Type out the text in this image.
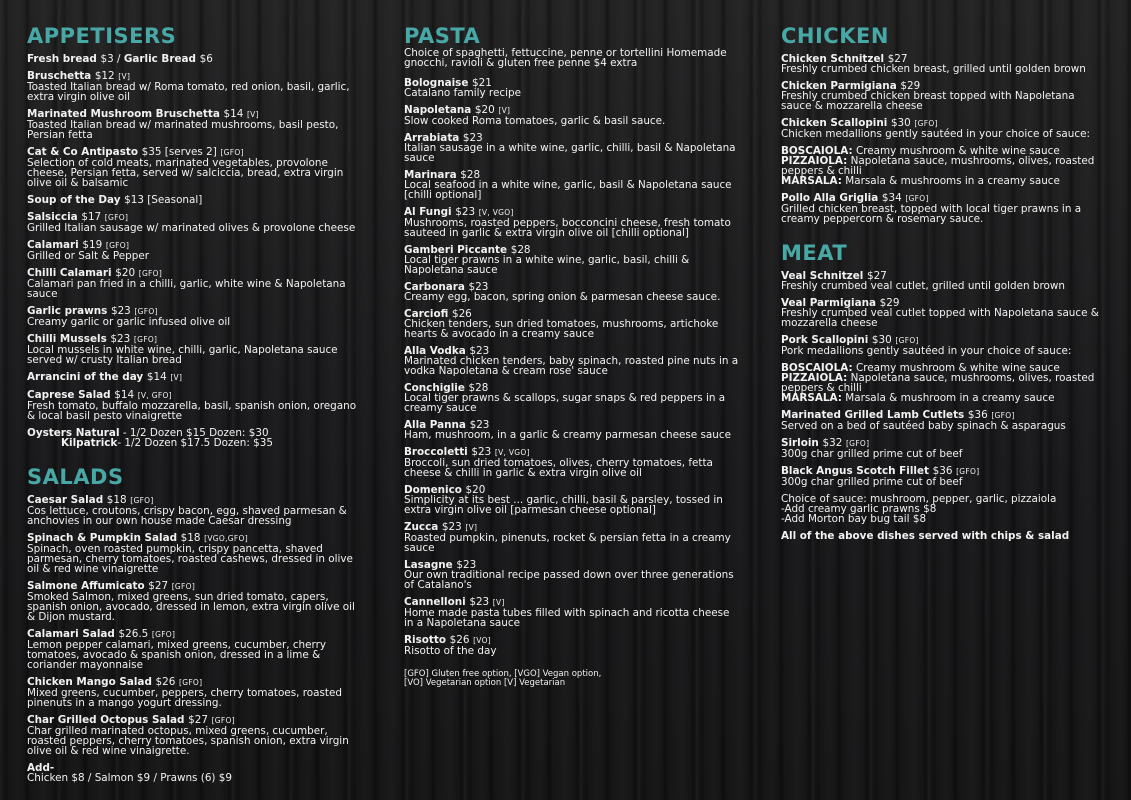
APPETISERS
Fresh bread $3 / Garlic Bread $6
Bruschetta $12 [V]
Toasted Italian bread w/ Roma tomato, red onion, basil, garlic, extra virgin olive oil
Marinated Mushroom Bruschetta $14 [V]
Toasted Italian bread w/ marinated mushrooms, basil pesto, Persian fetta
Cat & Co Antipasto $35 [serves 2] [GFO]
Selection of cold meats, marinated vegetables, provolone cheese, Persian fetta, served w/ salciccia, bread, extra virgin olive oil & balsamic
Soup of the Day $13 [Seasonal]
Salsiccia $17 [GFO]
Grilled Italian sausage w/ marinated olives & provolone cheese
Calamari $19 [GFO]
Grilled or Salt & Pepper
Chilli Calamari $20 [GFO]
Calamari pan fried in a chilli, garlic, white wine & Napoletana sauce
Garlic prawns $23 [GFO]
Creamy garlic or garlic infused olive oil
Chilli Mussels $23 [GFO]
Local mussels in white wine, chilli, garlic, Napoletana sauce served w/ crusty Italian bread
Arrancini of the day $14 [V]
Caprese Salad $14 [V, GFO]
Fresh tomato, buffalo mozzarella, basil, spanish onion, oregano & local basil pesto vinaigrette
Oysters Natural - 1/2 Dozen $15 Dozen: $30
Kilpatrick- 1/2 Dozen $17.5 Dozen: $35
SALADS
Caesar Salad $18 [GFO]
Cos lettuce, croutons, crispy bacon, egg, shaved parmesan & anchovies in our own house made Caesar dressing
Spinach & Pumpkin Salad $18 [VGO,GFO]
Spinach, oven roasted pumpkin, crispy pancetta, shaved parmesan, cherry tomatoes, roasted cashews, dressed in olive oil & red wine vinaigrette
Salmone Affumicato $27 [GFO]
Smoked Salmon, mixed greens, sun dried tomato, capers, spanish onion, avocado, dressed in lemon, extra virgin olive oil & Dijon mustard.
Calamari Salad $26.5 [GFO]
Lemon pepper calamari, mixed greens, cucumber, cherry tomatoes, avocado & spanish onion, dressed in a lime & coriander mayonnaise
Chicken Mango Salad $26 [GFO]
Mixed greens, cucumber, peppers, cherry tomatoes, roasted pinenuts in a mango yogurt dressing.
Char Grilled Octopus Salad $27 [GFO]
Char grilled marinated octopus, mixed greens, cucumber, roasted peppers, cherry tomatoes, spanish onion, extra virgin olive oil & red wine vinaigrette.
Add-
Chicken $8 / Salmon $9 / Prawns (6) $9
PASTA
Choice of spaghetti, fettuccine, penne or tortellini Homemade gnocchi, ravioli & gluten free penne $4 extra
Bolognaise $21
Catalano family recipe
Napoletana $20 [V]
Slow cooked Roma tomatoes, garlic & basil sauce.
Arrabiata $23
Italian sausage in a white wine, garlic, chilli, basil & Napoletana sauce
Marinara $28
Local seafood in a white wine, garlic, basil & Napoletana sauce [chilli optional]
Al Fungi $23 [V, VGO]
Mushrooms, roasted peppers, bocconcini cheese, fresh tomato sauteed in garlic & extra virgin olive oil [chilli optional]
Gamberi Piccante $28
Local tiger prawns in a white wine, garlic, basil, chilli & Napoletana sauce
Carbonara $23
Creamy egg, bacon, spring onion & parmesan cheese sauce.
Carciofi $26
Chicken tenders, sun dried tomatoes, mushrooms, artichoke hearts & avocado in a creamy sauce
Alla Vodka $23
Marinated chicken tenders, baby spinach, roasted pine nuts in a vodka Napoletana & cream rose' sauce
Conchiglie $28
Local tiger prawns & scallops, sugar snaps & red peppers in a creamy sauce
Alla Panna $23
Ham, mushroom, in a garlic & creamy parmesan cheese sauce
Broccoletti $23 [V, VGO]
Broccoli, sun dried tomatoes, olives, cherry tomatoes, fetta cheese & chilli in garlic & extra virgin olive oil
Domenico $20
Simplicity at its best ... garlic, chilli, basil & parsley, tossed in extra virgin olive oil [parmesan cheese optional]
Zucca $23 [V]
Roasted pumpkin, pinenuts, rocket & persian fetta in a creamy sauce
Lasagne $23
Our own traditional recipe passed down over three generations of Catalano's
Cannelloni $23 [V]
Home made pasta tubes filled with spinach and ricotta cheese in a Napoletana sauce
Risotto $26 [VO]
Risotto of the day
[GFO] Gluten free option, [VGO] Vegan option,
[VO] Vegetarian option [V] Vegetarian
CHICKEN
Chicken Schnitzel $27
Freshly crumbed chicken breast, grilled until golden brown
Chicken Parmigiana $29
Freshly crumbed chicken breast topped with Napoletana sauce & mozzarella cheese
Chicken Scallopini $30 [GFO]
Chicken medallions gently sautéed in your choice of sauce:
BOSCAIOLA: Creamy mushroom & white wine sauce
PIZZAIOLA: Napoletana sauce, mushrooms, olives, roasted peppers & chilli
MARSALA: Marsala & mushrooms in a creamy sauce
Pollo Alla Griglia $34 [GFO]
Grilled chicken breast, topped with local tiger prawns in a creamy peppercorn & rosemary sauce.
MEAT
Veal Schnitzel $27
Freshly crumbed veal cutlet, grilled until golden brown
Veal Parmigiana $29
Freshly crumbed veal cutlet topped with Napoletana sauce & mozzarella cheese
Pork Scallopini $30 [GFO]
Pork medallions gently sautéed in your choice of sauce:
BOSCAIOLA: Creamy mushroom & white wine sauce
PIZZAIOLA: Napoletana sauce, mushrooms, olives, roasted peppers & chilli
MARSALA: Marsala & mushroom in a creamy sauce
Marinated Grilled Lamb Cutlets $36 [GFO]
Served on a bed of sautéed baby spinach & asparagus
Sirloin $32 [GFO]
300g char grilled prime cut of beef
Black Angus Scotch Fillet $36 [GFO]
300g char grilled prime cut of beef
Choice of sauce: mushroom, pepper, garlic, pizzaiola
-Add creamy garlic prawns $8
-Add Morton bay bug tail $8
All of the above dishes served with chips & salad
